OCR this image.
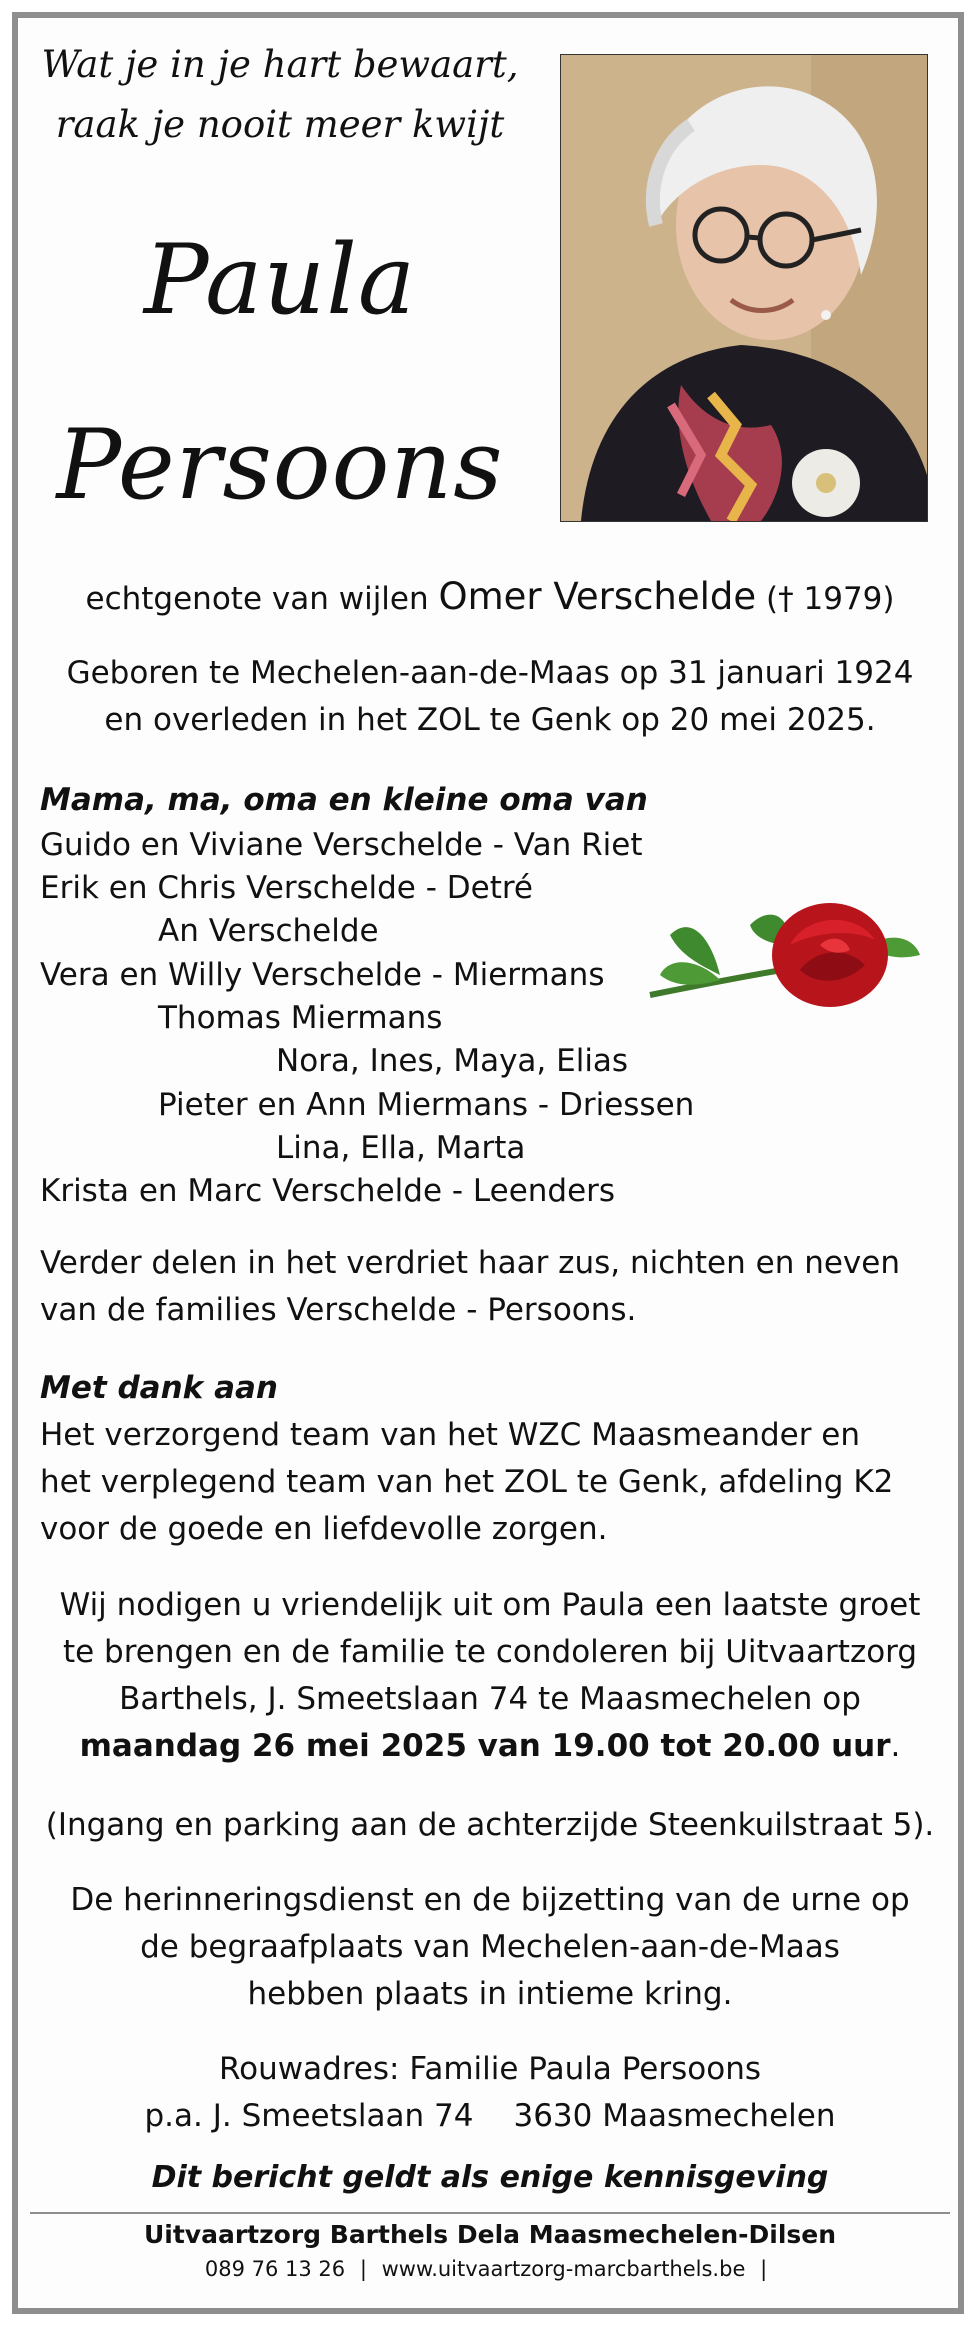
Wat je in je hart bewaart,
raak je nooit meer kwijt
Paula
Persoons
echtgenote van wijlen Omer Verschelde († 1979)
Geboren te Mechelen-aan-de-Maas op 31 januari 1924
en overleden in het ZOL te Genk op 20 mei 2025.
Mama, ma, oma en kleine oma van
Guido en Viviane Verschelde - Van Riet
Erik en Chris Verschelde - Detré
An Verschelde
Vera en Willy Verschelde - Miermans
Thomas Miermans
Nora, Ines, Maya, Elias
Pieter en Ann Miermans - Driessen
Lina, Ella, Marta
Krista en Marc Verschelde - Leenders
Verder delen in het verdriet haar zus, nichten en neven
van de families Verschelde - Persoons.
Met dank aan
Het verzorgend team van het WZC Maasmeander en
het verplegend team van het ZOL te Genk, afdeling K2
voor de goede en liefdevolle zorgen.
Wij nodigen u vriendelijk uit om Paula een laatste groet
te brengen en de familie te condoleren bij Uitvaartzorg
Barthels, J. Smeetslaan 74 te Maasmechelen op
maandag 26 mei 2025 van 19.00 tot 20.00 uur.
(Ingang en parking aan de achterzijde Steenkuilstraat 5).
De herinneringsdienst en de bijzetting van de urne op
de begraafplaats van Mechelen-aan-de-Maas
hebben plaats in intieme kring.
Rouwadres: Familie Paula Persoons
p.a. J. Smeetslaan 74 3630 Maasmechelen
Dit bericht geldt als enige kennisgeving
Uitvaartzorg Barthels Dela Maasmechelen-Dilsen
089 76 13 26 | www.uitvaartzorg-marcbarthels.be |
